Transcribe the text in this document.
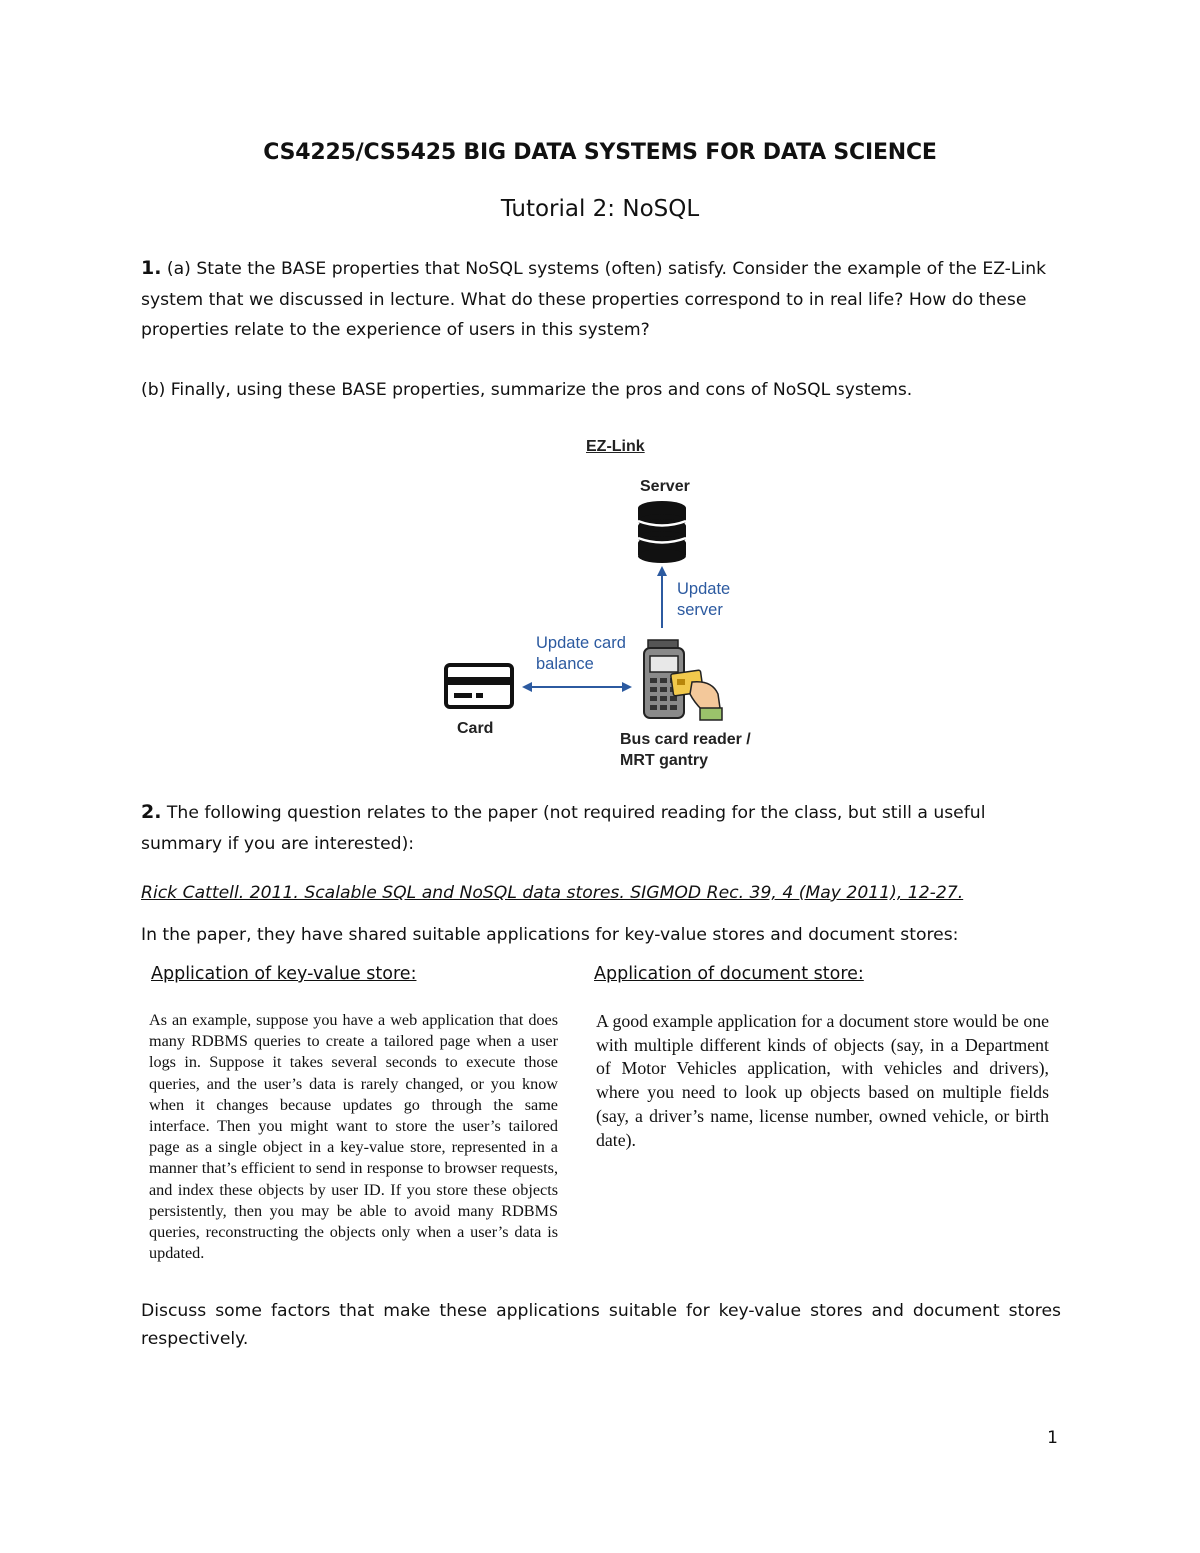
CS4225/CS5425 BIG DATA SYSTEMS FOR DATA SCIENCE
Tutorial 2: NoSQL
1. (a) State the BASE properties that NoSQL systems (often) satisfy. Consider the example of the EZ-Link system that we discussed in lecture. What do these properties correspond to in real life? How do these properties relate to the experience of users in this system?
(b) Finally, using these BASE properties, summarize the pros and cons of NoSQL systems.
EZ-Link
Server
Update server
Update card balance
Card
Bus card reader /
MRT gantry
2. The following question relates to the paper (not required reading for the class, but still a useful summary if you are interested):
Rick Cattell. 2011. Scalable SQL and NoSQL data stores. SIGMOD Rec. 39, 4 (May 2011), 12-27.
In the paper, they have shared suitable applications for key-value stores and document stores:
Application of key-value store:	Application of document store:
As an example, suppose you have a web application that does many RDBMS queries to create a tailored page when a user logs in. Suppose it takes several seconds to execute those queries, and the user’s data is rarely changed, or you know when it changes because updates go through the same interface. Then you might want to store the user’s tailored page as a single object in a key-value store, represented in a manner that’s efficient to send in response to browser requests, and index these objects by user ID. If you store these objects persistently, then you may be able to avoid many RDBMS queries, reconstructing the objects only when a user’s data is updated.
A good example application for a document store would be one with multiple different kinds of objects (say, in a Department of Motor Vehicles application, with vehicles and drivers), where you need to look up objects based on multiple fields (say, a driver’s name, license number, owned vehicle, or birth date).
Discuss some factors that make these applications suitable for key-value stores and document stores respectively.
1
